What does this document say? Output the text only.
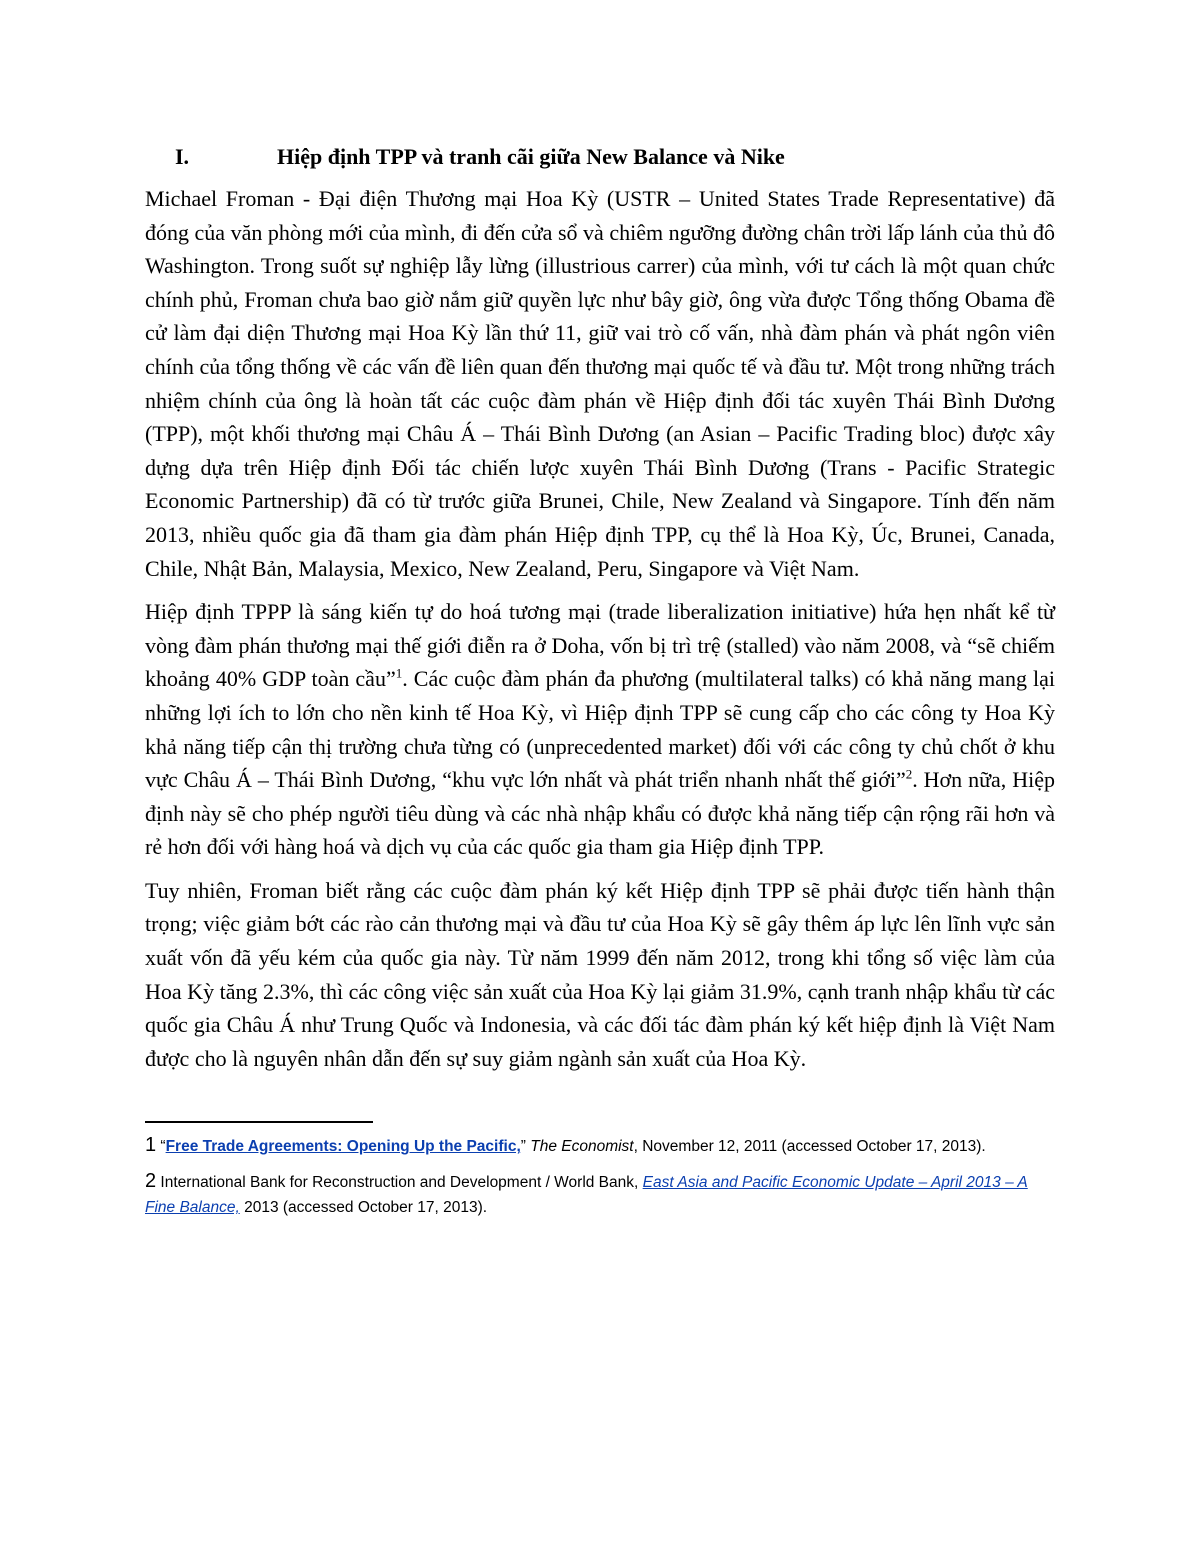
I.	Hiệp định TPP và tranh cãi giữa New Balance và Nike

Michael Froman - Đại điện Thương mại Hoa Kỳ (USTR – United States Trade Representative) đã đóng của văn phòng mới của mình, đi đến cửa sổ và chiêm ngưỡng đường chân trời lấp lánh của thủ đô Washington. Trong suốt sự nghiệp lẫy lừng (illustrious carrer) của mình, với tư cách là một quan chức chính phủ, Froman chưa bao giờ nắm giữ quyền lực như bây giờ, ông vừa được Tổng thống Obama đề cử làm đại diện Thương mại Hoa Kỳ lần thứ 11, giữ vai trò cố vấn, nhà đàm phán và phát ngôn viên chính của tổng thống về các vấn đề liên quan đến thương mại quốc tế và đầu tư. Một trong những trách nhiệm chính của ông là hoàn tất các cuộc đàm phán về Hiệp định đối tác xuyên Thái Bình Dương (TPP), một khối thương mại Châu Á – Thái Bình Dương (an Asian – Pacific Trading bloc) được xây dựng dựa trên Hiệp định Đối tác chiến lược xuyên Thái Bình Dương (Trans - Pacific Strategic Economic Partnership) đã có từ trước giữa Brunei, Chile, New Zealand và Singapore. Tính đến năm 2013, nhiều quốc gia đã tham gia đàm phán Hiệp định TPP, cụ thể là Hoa Kỳ, Úc, Brunei, Canada, Chile, Nhật Bản, Malaysia, Mexico, New Zealand, Peru, Singapore và Việt Nam.

Hiệp định TPPP là sáng kiến tự do hoá tương mại (trade liberalization initiative) hứa hẹn nhất kể từ vòng đàm phán thương mại thế giới điễn ra ở Doha, vốn bị trì trệ (stalled) vào năm 2008, và “sẽ chiếm khoảng 40% GDP toàn cầu”$^1$. Các cuộc đàm phán đa phương (multilateral talks) có khả năng mang lại những lợi ích to lớn cho nền kinh tế Hoa Kỳ, vì Hiệp định TPP sẽ cung cấp cho các công ty Hoa Kỳ khả năng tiếp cận thị trường chưa từng có (unprecedented market) đối với các công ty chủ chốt ở khu vực Châu Á – Thái Bình Dương, “khu vực lớn nhất và phát triển nhanh nhất thế giới”$^2$. Hơn nữa, Hiệp định này sẽ cho phép người tiêu dùng và các nhà nhập khẩu có được khả năng tiếp cận rộng rãi hơn và rẻ hơn đối với hàng hoá và dịch vụ của các quốc gia tham gia Hiệp định TPP.

Tuy nhiên, Froman biết rằng các cuộc đàm phán ký kết Hiệp định TPP sẽ phải được tiến hành thận trọng; việc giảm bớt các rào cản thương mại và đầu tư của Hoa Kỳ sẽ gây thêm áp lực lên lĩnh vực sản xuất vốn đã yếu kém của quốc gia này. Từ năm 1999 đến năm 2012, trong khi tổng số việc làm của Hoa Kỳ tăng 2.3%, thì các công việc sản xuất của Hoa Kỳ lại giảm 31.9%, cạnh tranh nhập khẩu từ các quốc gia Châu Á như Trung Quốc và Indonesia, và các đối tác đàm phán ký kết hiệp định là Việt Nam được cho là nguyên nhân dẫn đến sự suy giảm ngành sản xuất của Hoa Kỳ.

1 “Free Trade Agreements: Opening Up the Pacific,” The Economist, November 12, 2011 (accessed October 17, 2013).

2 International Bank for Reconstruction and Development / World Bank, East Asia and Pacific Economic Update – April 2013 – A Fine Balance, 2013 (accessed October 17, 2013).
